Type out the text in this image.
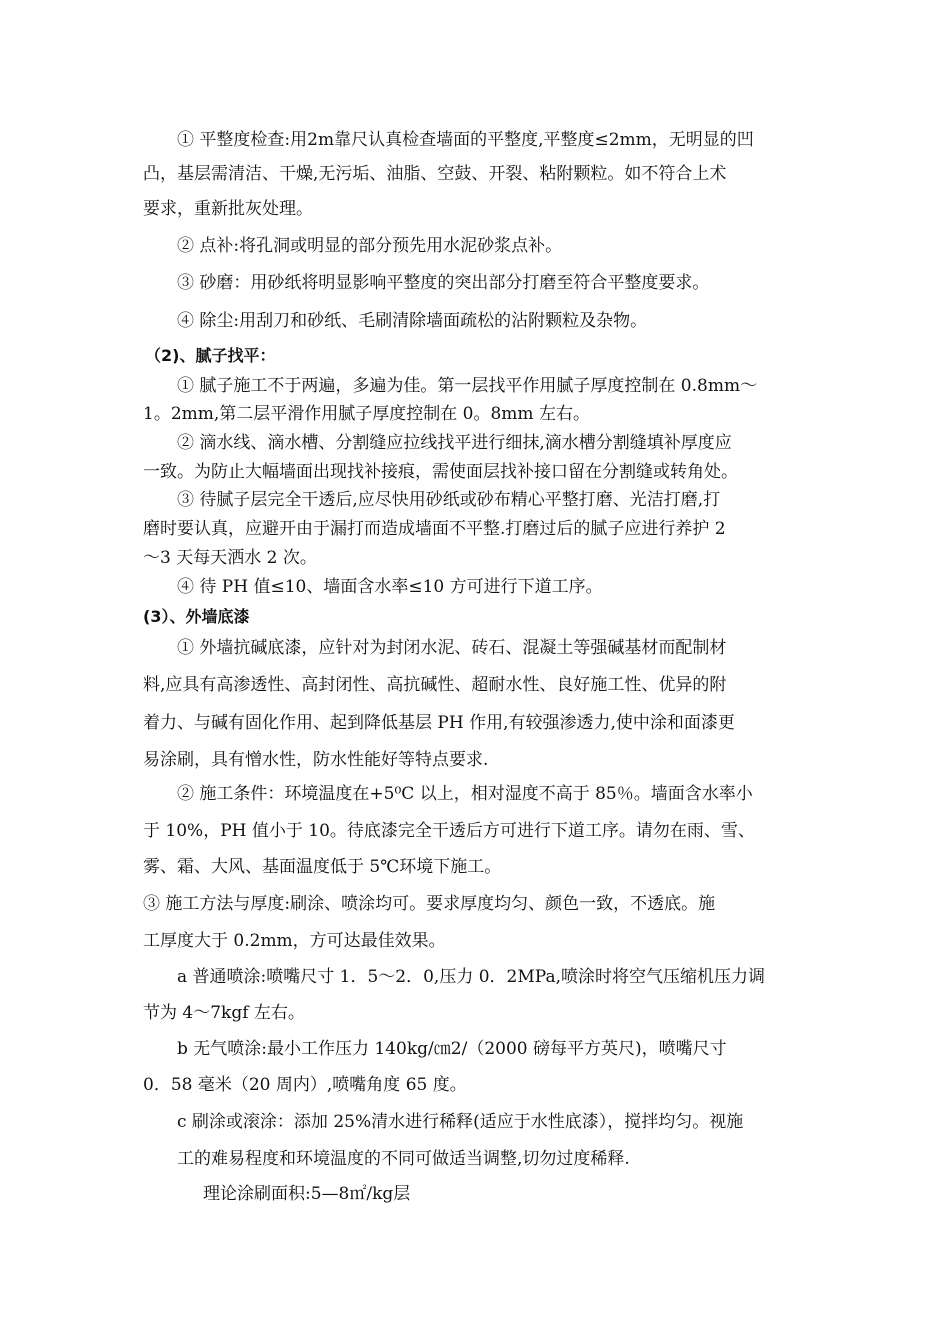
① 平整度检查:用2m靠尺认真检查墙面的平整度,平整度≤2mm，无明显的凹
凸，基层需清洁、干燥,无污垢、油脂、空鼓、开裂、粘附颗粒。如不符合上术
要求，重新批灰处理。
② 点补:将孔洞或明显的部分预先用水泥砂浆点补。
③ 砂磨：用砂纸将明显影响平整度的突出部分打磨至符合平整度要求。
④ 除尘:用刮刀和砂纸、毛刷清除墙面疏松的沾附颗粒及杂物。
（2)、腻子找平：
① 腻子施工不于两遍，多遍为佳。第一层找平作用腻子厚度控制在 0.8mm～
1。2mm,第二层平滑作用腻子厚度控制在 0。8mm 左右。
② 滴水线、滴水槽、分割缝应拉线找平进行细抹,滴水槽分割缝填补厚度应
一致。为防止大幅墙面出现找补接痕，需使面层找补接口留在分割缝或转角处。
③ 待腻子层完全干透后,应尽快用砂纸或砂布精心平整打磨、光洁打磨,打
磨时要认真，应避开由于漏打而造成墙面不平整.打磨过后的腻子应进行养护 2
～3 天每天洒水 2 次。
④ 待 PH 值≤10、墙面含水率≤10 方可进行下道工序。
(3）、外墙底漆
① 外墙抗碱底漆，应针对为封闭水泥、砖石、混凝土等强碱基材而配制材
料,应具有高渗透性、高封闭性、高抗碱性、超耐水性、良好施工性、优异的附
着力、与碱有固化作用、起到降低基层 PH 作用,有较强渗透力,使中涂和面漆更
易涂刷，具有憎水性，防水性能好等特点要求.
② 施工条件：环境温度在+5⁰C 以上，相对湿度不高于 85％。墙面含水率小
于 10%，PH 值小于 10。待底漆完全干透后方可进行下道工序。请勿在雨、雪、
雾、霜、大风、基面温度低于 5℃环境下施工。
③ 施工方法与厚度:刷涂、喷涂均可。要求厚度均匀、颜色一致，不透底。施
工厚度大于 0.2mm，方可达最佳效果。
a 普通喷涂:喷嘴尺寸 1．5～2．0,压力 0．2MPa,喷涂时将空气压缩机压力调
节为 4～7kgf 左右。
b 无气喷涂:最小工作压力 140kg/㎝2/（2000 磅每平方英尺)，喷嘴尺寸
0．58 毫米（20 周内）,喷嘴角度 65 度。
c 刷涂或滚涂：添加 25%清水进行稀释(适应于水性底漆），搅拌均匀。视施
工的难易程度和环境温度的不同可做适当调整,切勿过度稀释.
理论涂刷面积:5—8㎡/kg层
